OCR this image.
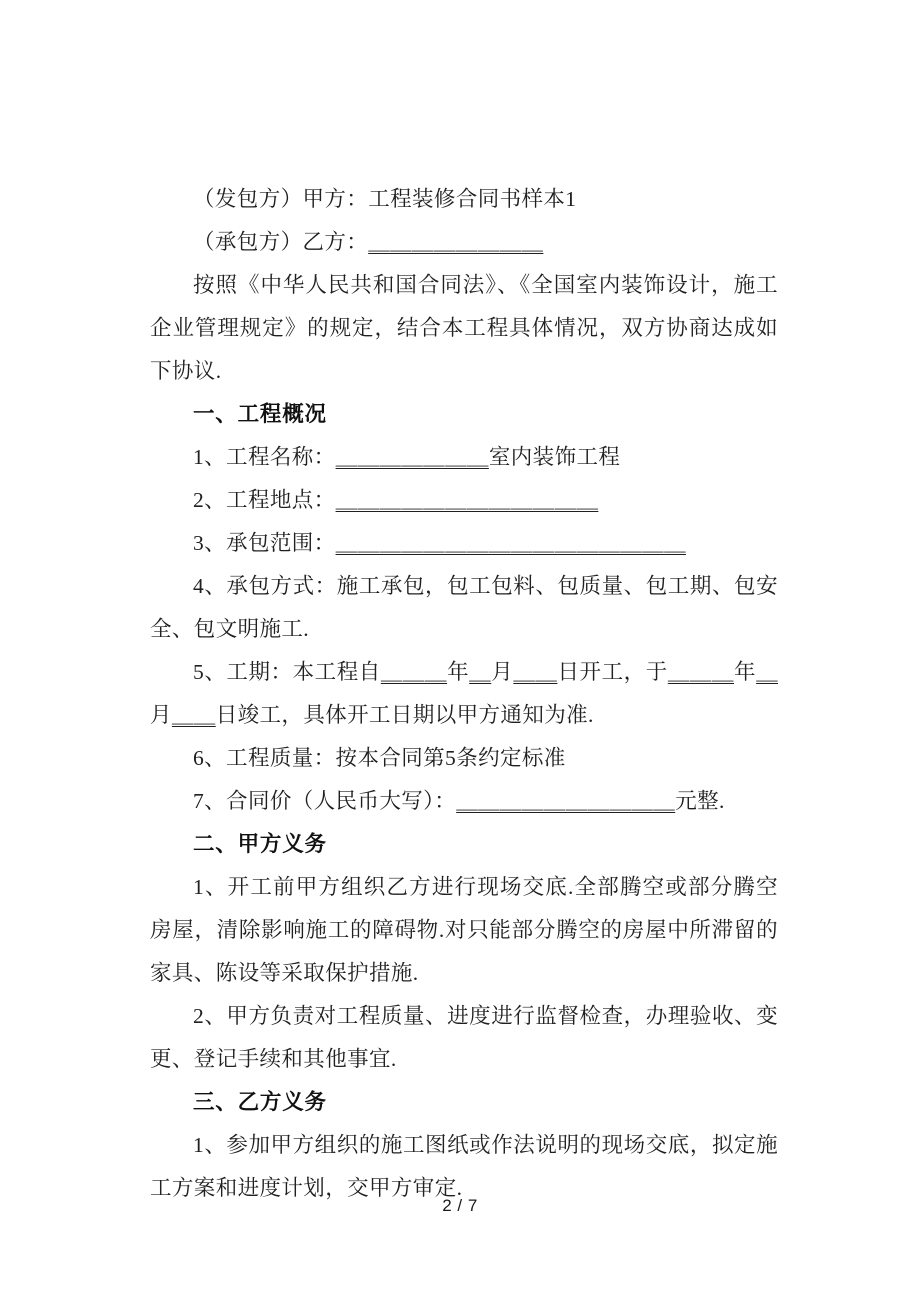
（发包方）甲方：工程装修合同书样本1

（承包方）乙方：＿＿＿＿＿＿＿＿

按照《中华人民共和国合同法》、《全国室内装饰设计，施工企业管理规定》的规定，结合本工程具体情况，双方协商达成如下协议.

一、工程概况

1、工程名称：＿＿＿＿＿＿＿室内装饰工程

2、工程地点：＿＿＿＿＿＿＿＿＿＿＿＿

3、承包范围：＿＿＿＿＿＿＿＿＿＿＿＿＿＿＿＿

4、承包方式：施工承包，包工包料、包质量、包工期、包安全、包文明施工.

5、工期：本工程自＿＿＿年＿月＿＿日开工，于＿＿＿年＿月＿＿日竣工，具体开工日期以甲方通知为准.

6、工程质量：按本合同第5条约定标准

7、合同价（人民币大写）：＿＿＿＿＿＿＿＿＿＿元整.

二、甲方义务

1、开工前甲方组织乙方进行现场交底.全部腾空或部分腾空房屋，清除影响施工的障碍物.对只能部分腾空的房屋中所滞留的家具、陈设等采取保护措施.

2、甲方负责对工程质量、进度进行监督检查，办理验收、变更、登记手续和其他事宜.

三、乙方义务

1、参加甲方组织的施工图纸或作法说明的现场交底，拟定施工方案和进度计划，交甲方审定.

2 / 7
